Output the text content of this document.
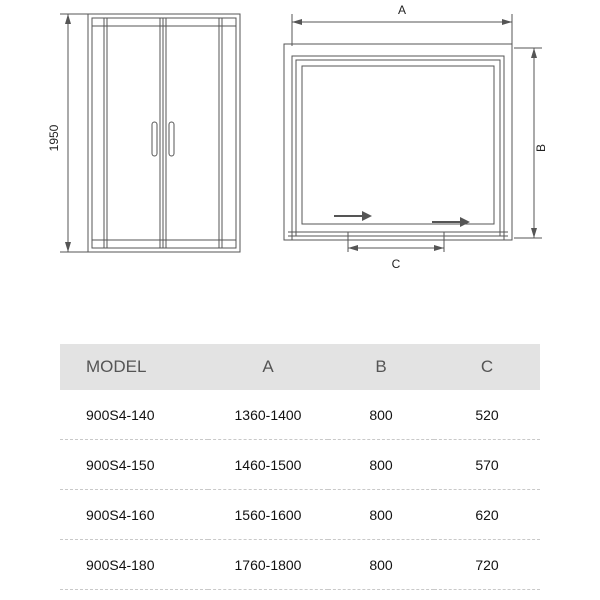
1950
A
B
C
MODEL	A	B	C
900S4-140	1360-1400	800	520
900S4-150	1460-1500	800	570
900S4-160	1560-1600	800	620
900S4-180	1760-1800	800	720
